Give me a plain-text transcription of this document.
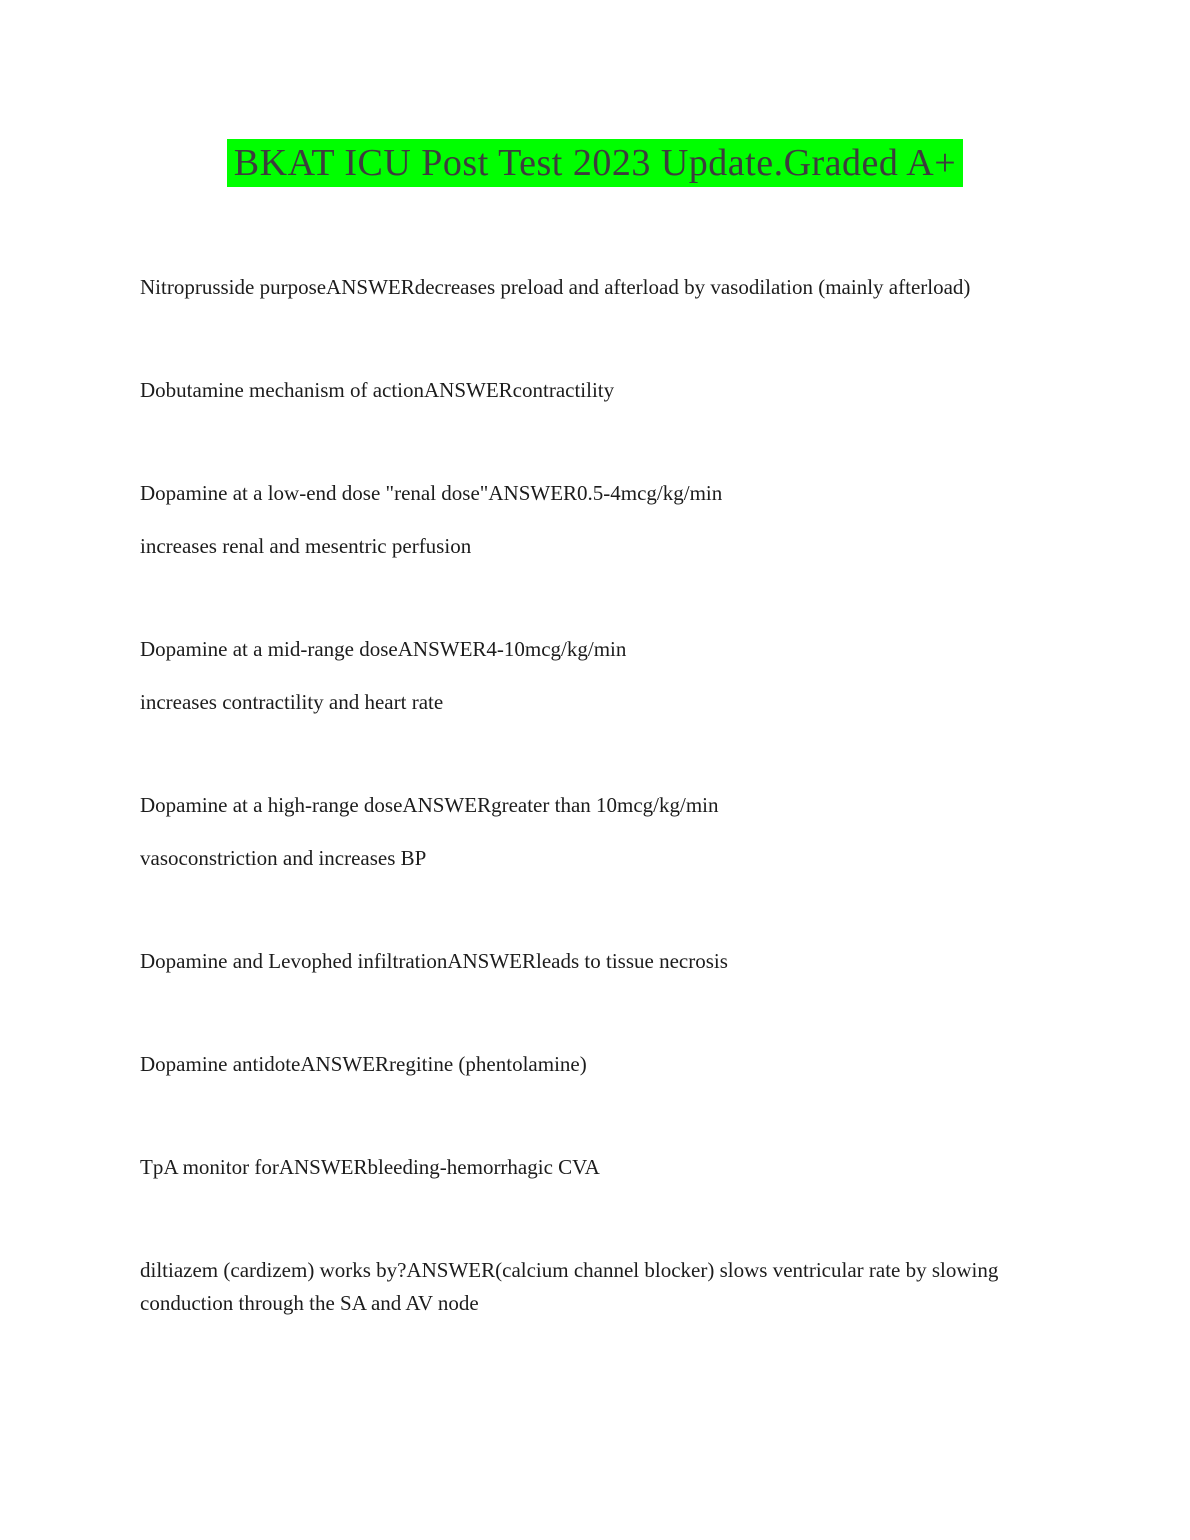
BKAT ICU Post Test 2023 Update.Graded A+

Nitroprusside purposeANSWERdecreases preload and afterload by vasodilation (mainly afterload)

Dobutamine mechanism of actionANSWERcontractility

Dopamine at a low-end dose "renal dose"ANSWER0.5-4mcg/kg/min

increases renal and mesentric perfusion

Dopamine at a mid-range doseANSWER4-10mcg/kg/min

increases contractility and heart rate

Dopamine at a high-range doseANSWERgreater than 10mcg/kg/min

vasoconstriction and increases BP

Dopamine and Levophed infiltrationANSWERleads to tissue necrosis

Dopamine antidoteANSWERregitine (phentolamine)

TpA monitor forANSWERbleeding-hemorrhagic CVA

diltiazem (cardizem) works by?ANSWER(calcium channel blocker) slows ventricular rate by slowing conduction through the SA and AV node
